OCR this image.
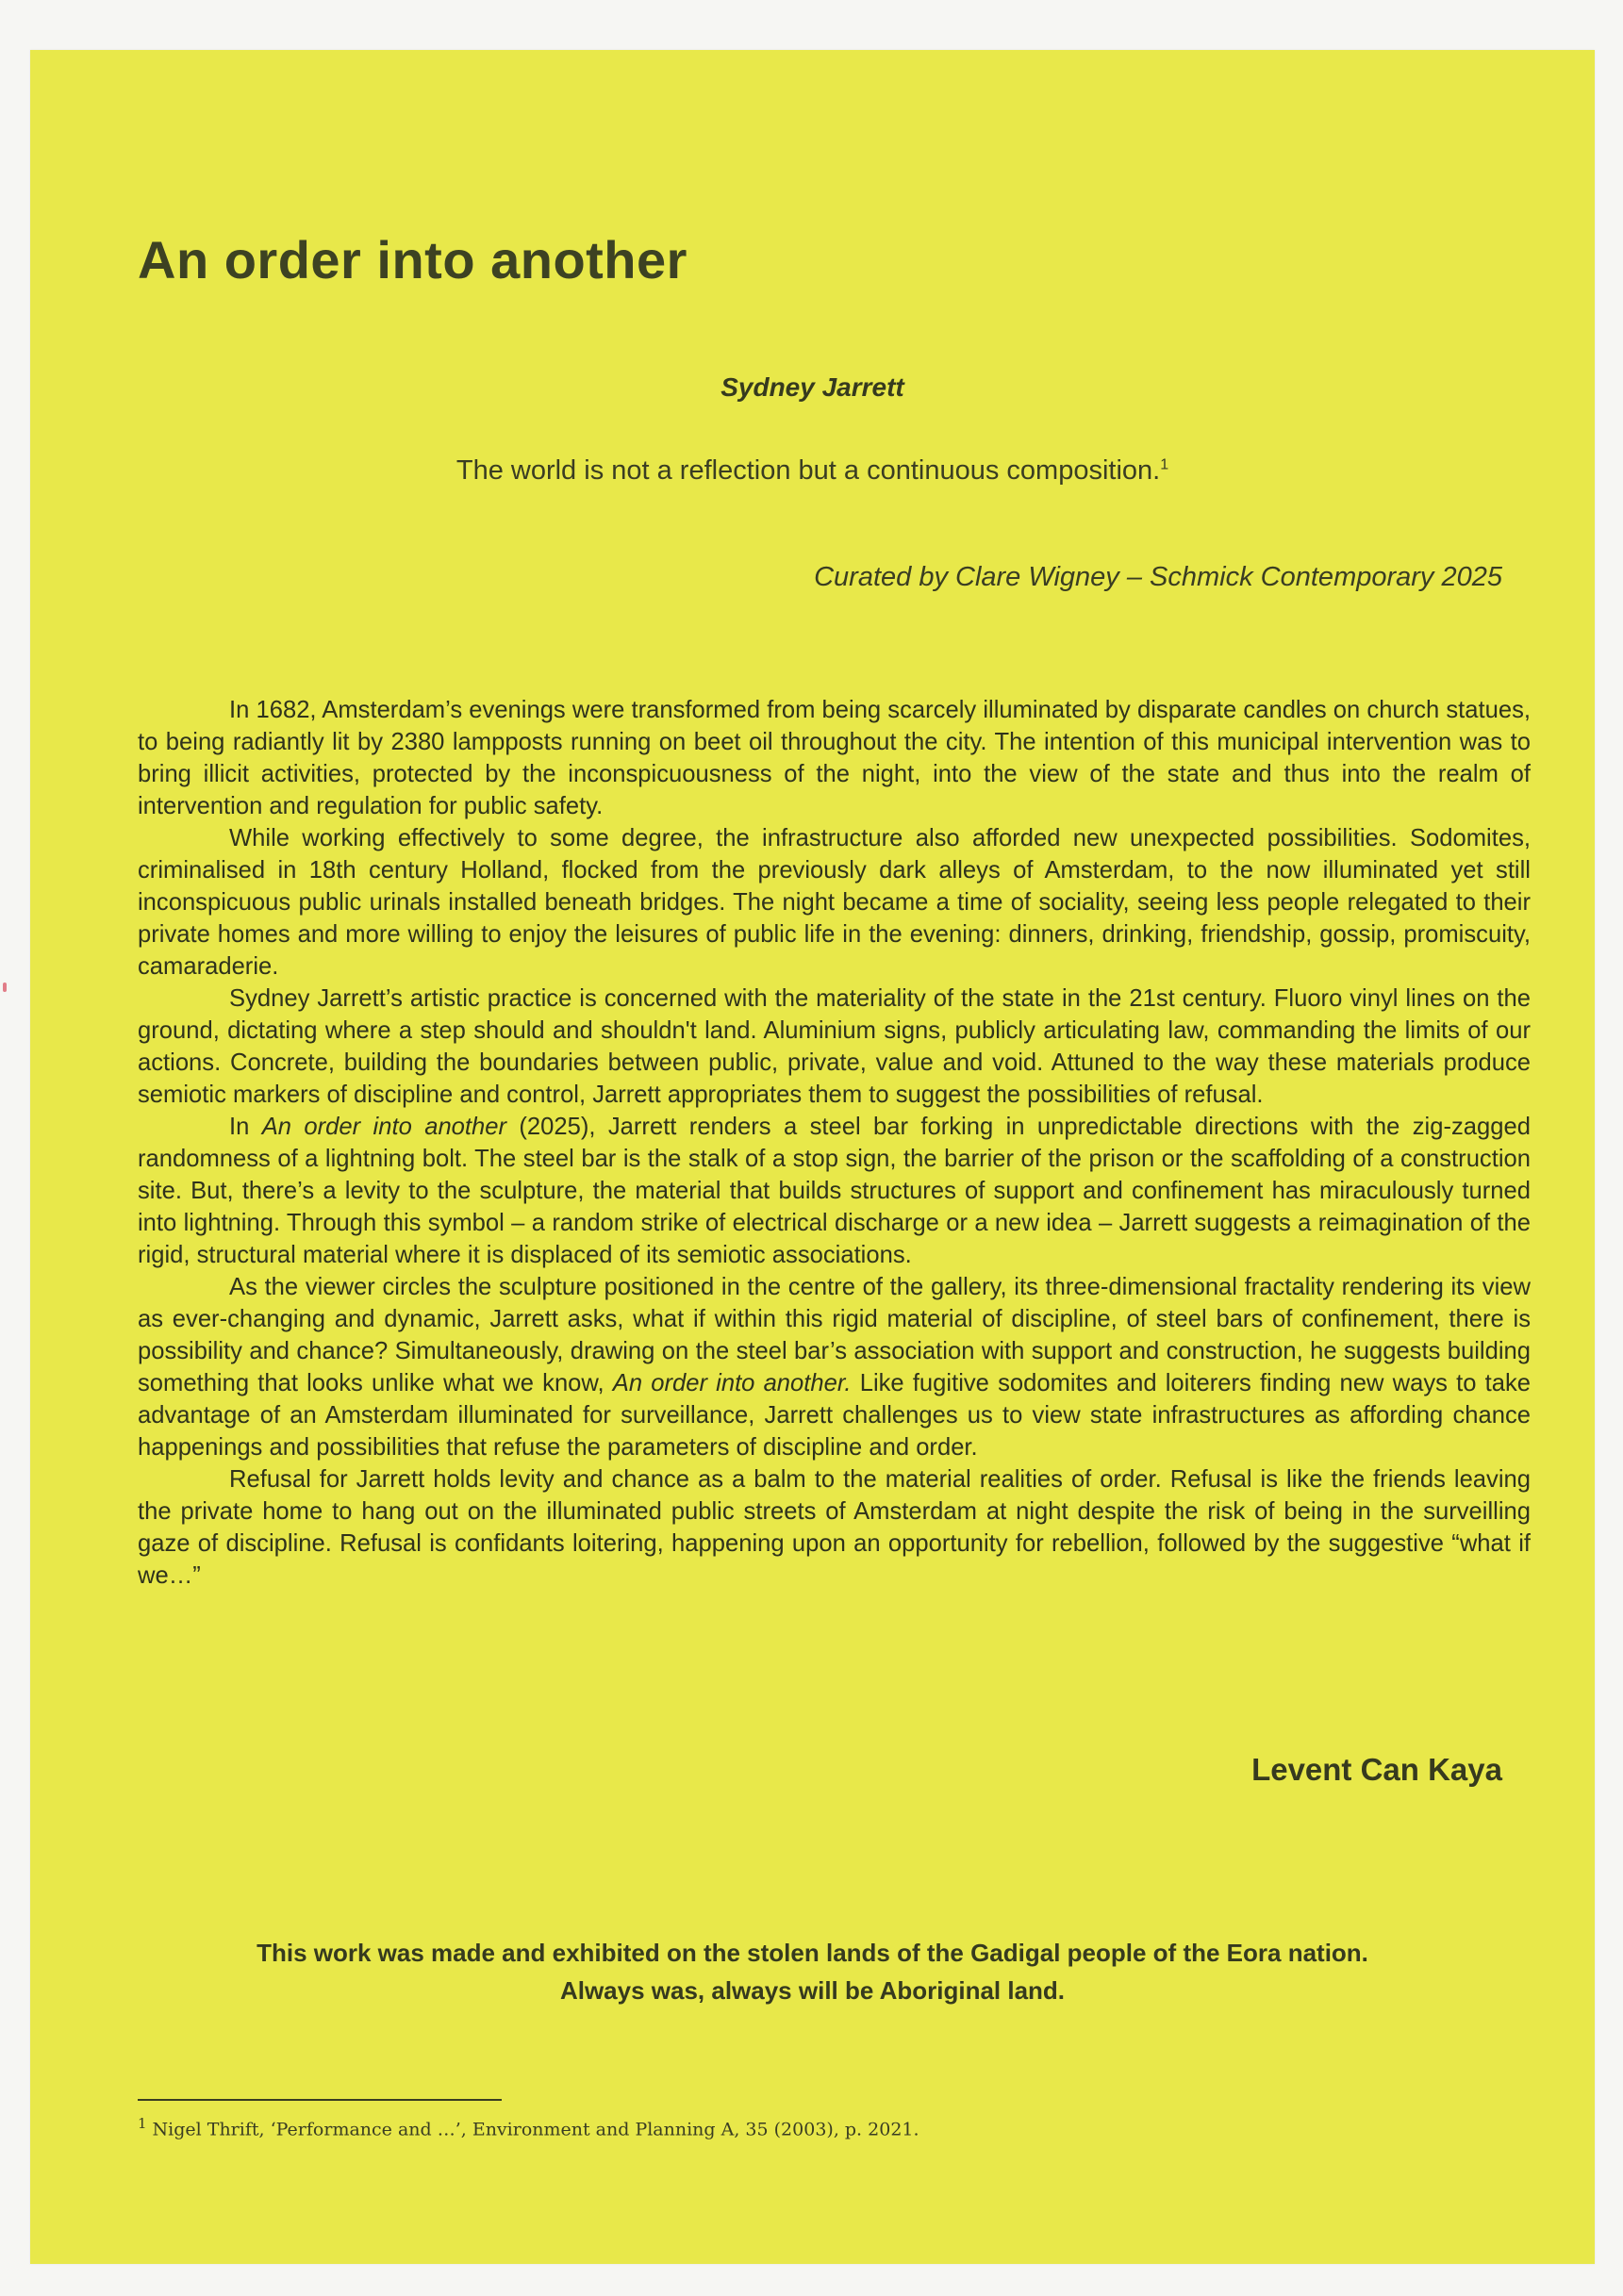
An order into another
Sydney Jarrett
The world is not a reflection but a continuous composition.$^1$
Curated by Clare Wigney – Schmick Contemporary 2025

In 1682, Amsterdam’s evenings were transformed from being scarcely illuminated by disparate candles on church statues, to being radiantly lit by 2380 lampposts running on beet oil throughout the city. The intention of this municipal intervention was to bring illicit activities, protected by the inconspicuousness of the night, into the view of the state and thus into the realm of intervention and regulation for public safety.

While working effectively to some degree, the infrastructure also afforded new unexpected possibilities. Sodomites, criminalised in 18th century Holland, flocked from the previously dark alleys of Amsterdam, to the now illuminated yet still inconspicuous public urinals installed beneath bridges. The night became a time of sociality, seeing less people relegated to their private homes and more willing to enjoy the leisures of public life in the evening: dinners, drinking, friendship, gossip, promiscuity, camaraderie.

Sydney Jarrett’s artistic practice is concerned with the materiality of the state in the 21st century. Fluoro vinyl lines on the ground, dictating where a step should and shouldn't land. Aluminium signs, publicly articulating law, commanding the limits of our actions. Concrete, building the boundaries between public, private, value and void. Attuned to the way these materials produce semiotic markers of discipline and control, Jarrett appropriates them to suggest the possibilities of refusal.

In An order into another (2025), Jarrett renders a steel bar forking in unpredictable directions with the zig-zagged randomness of a lightning bolt. The steel bar is the stalk of a stop sign, the barrier of the prison or the scaffolding of a construction site. But, there’s a levity to the sculpture, the material that builds structures of support and confinement has miraculously turned into lightning. Through this symbol – a random strike of electrical discharge or a new idea – Jarrett suggests a reimagination of the rigid, structural material where it is displaced of its semiotic associations.

As the viewer circles the sculpture positioned in the centre of the gallery, its three-dimensional fractality rendering its view as ever-changing and dynamic, Jarrett asks, what if within this rigid material of discipline, of steel bars of confinement, there is possibility and chance? Simultaneously, drawing on the steel bar’s association with support and construction, he suggests building something that looks unlike what we know, An order into another. Like fugitive sodomites and loiterers finding new ways to take advantage of an Amsterdam illuminated for surveillance, Jarrett challenges us to view state infrastructures as affording chance happenings and possibilities that refuse the parameters of discipline and order.

Refusal for Jarrett holds levity and chance as a balm to the material realities of order. Refusal is like the friends leaving the private home to hang out on the illuminated public streets of Amsterdam at night despite the risk of being in the surveilling gaze of discipline. Refusal is confidants loitering, happening upon an opportunity for rebellion, followed by the suggestive “what if we…”

Levent Can Kaya
This work was made and exhibited on the stolen lands of the Gadigal people of the Eora nation.
Always was, always will be Aboriginal land.
$^1$ Nigel Thrift, ‘Performance and …’, Environment and Planning A, 35 (2003), p. 2021.
